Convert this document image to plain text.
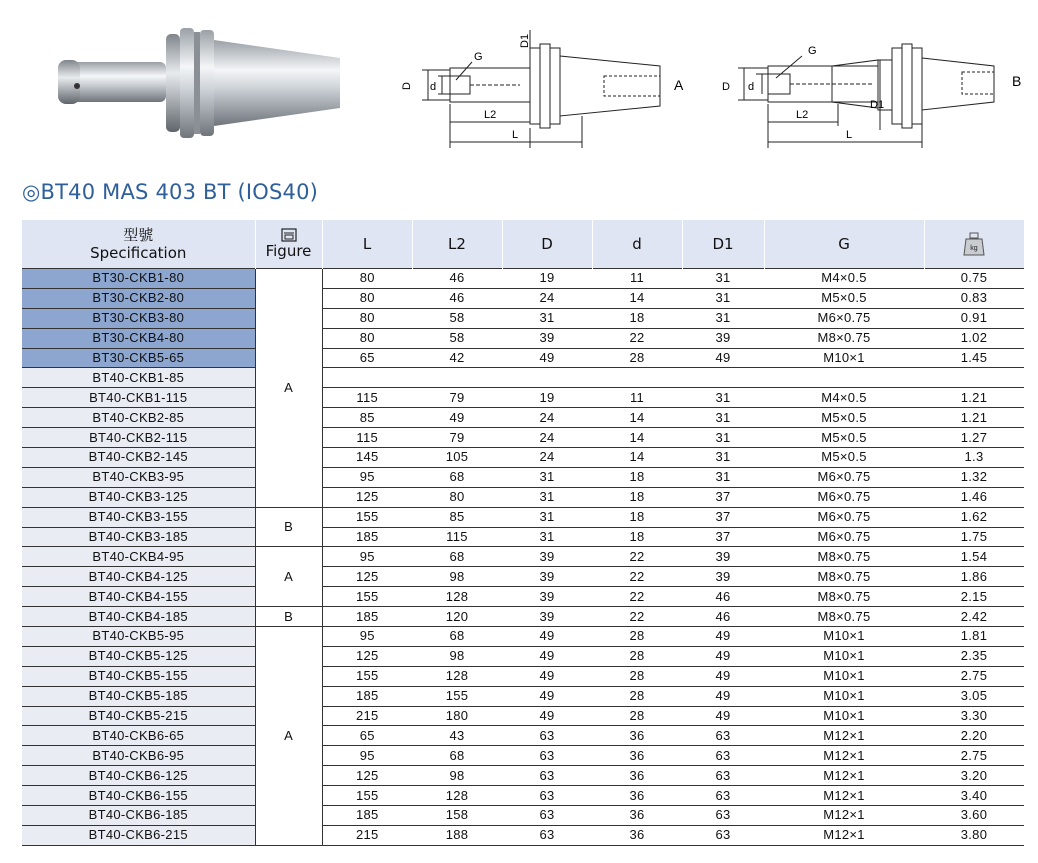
D d
G
D1
L2
L
A	D d
G
D1
L2
L
B
◎BT40 MAS 403 BT (IOS40)
型號
Specification	Figure	L	L2	D	d	D1	G	kg

BT30-CKB1-80	A	80	46	19	11	31	M4×0.5	0.75
BT30-CKB2-80		80	46	24	14	31	M5×0.5	0.83
BT30-CKB3-80		80	58	31	18	31	M6×0.75	0.91
BT30-CKB4-80		80	58	39	22	39	M8×0.75	1.02
BT30-CKB5-65		65	42	49	28	49	M10×1	1.45
BT40-CKB1-85								
BT40-CKB1-115		115	79	19	11	31	M4×0.5	1.21
BT40-CKB2-85		85	49	24	14	31	M5×0.5	1.21
BT40-CKB2-115		115	79	24	14	31	M5×0.5	1.27
BT40-CKB2-145		145	105	24	14	31	M5×0.5	1.3
BT40-CKB3-95		95	68	31	18	31	M6×0.75	1.32
BT40-CKB3-125		125	80	31	18	37	M6×0.75	1.46
BT40-CKB3-155	B	155	85	31	18	37	M6×0.75	1.62
BT40-CKB3-185		185	115	31	18	37	M6×0.75	1.75
BT40-CKB4-95	A	95	68	39	22	39	M8×0.75	1.54
BT40-CKB4-125		125	98	39	22	39	M8×0.75	1.86
BT40-CKB4-155		155	128	39	22	46	M8×0.75	2.15
BT40-CKB4-185	B	185	120	39	22	46	M8×0.75	2.42
BT40-CKB5-95	A	95	68	49	28	49	M10×1	1.81
BT40-CKB5-125		125	98	49	28	49	M10×1	2.35
BT40-CKB5-155		155	128	49	28	49	M10×1	2.75
BT40-CKB5-185		185	155	49	28	49	M10×1	3.05
BT40-CKB5-215		215	180	49	28	49	M10×1	3.30
BT40-CKB6-65		65	43	63	36	63	M12×1	2.20
BT40-CKB6-95		95	68	63	36	63	M12×1	2.75
BT40-CKB6-125		125	98	63	36	63	M12×1	3.20
BT40-CKB6-155		155	128	63	36	63	M12×1	3.40
BT40-CKB6-185		185	158	63	36	63	M12×1	3.60
BT40-CKB6-215		215	188	63	36	63	M12×1	3.80
